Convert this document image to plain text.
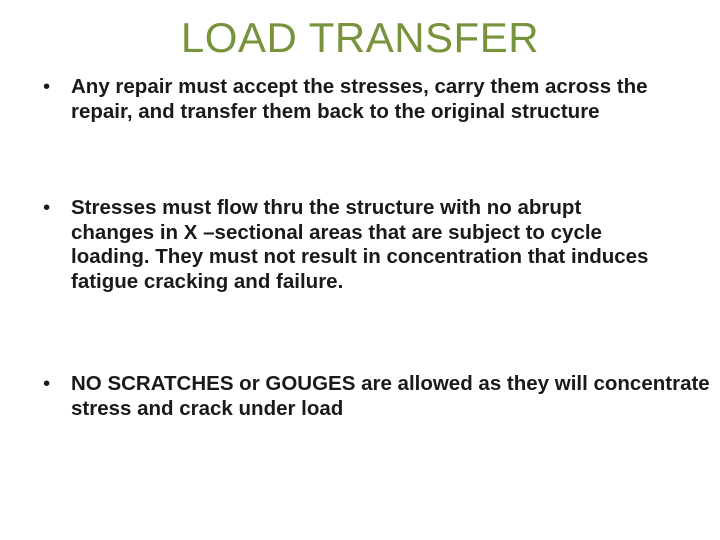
LOAD TRANSFER
•	Any repair must accept the stresses, carry them across the repair, and transfer them back to the original structure
•	Stresses must flow thru the structure with no abrupt changes in X –sectional areas that are subject to cycle loading. They must not result in concentration that induces fatigue cracking and failure.
•	NO SCRATCHES or GOUGES are allowed as they will concentrate stress and crack under load
